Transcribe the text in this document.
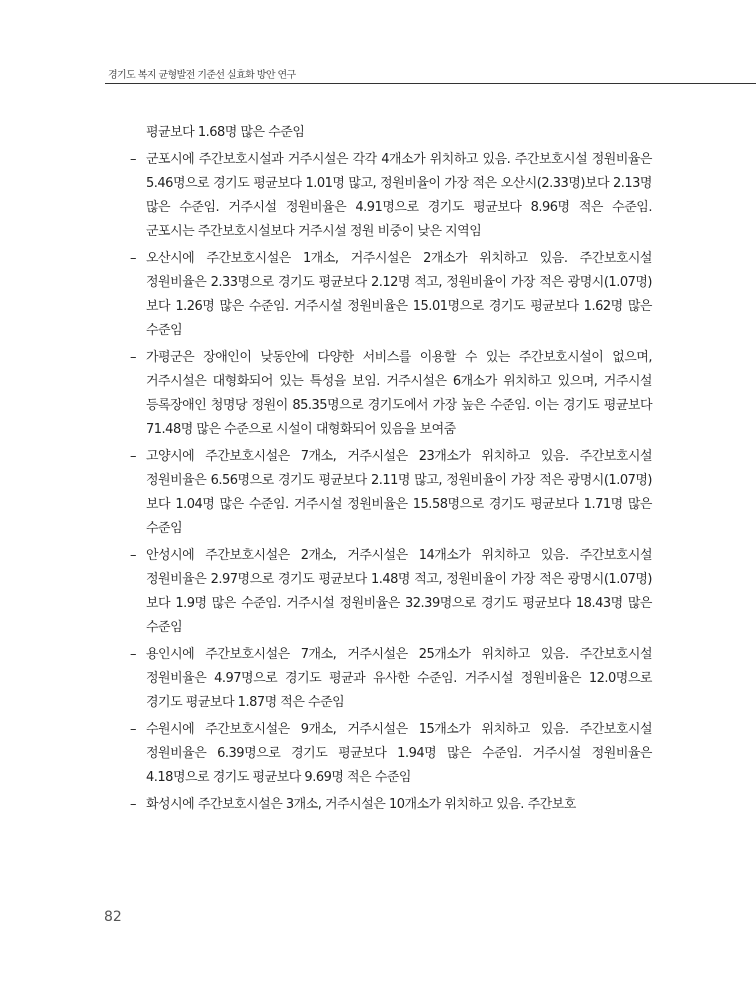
경기도 복지 균형발전 기준선 실효화 방안 연구

평균보다 1.68명 많은 수준임

– 군포시에 주간보호시설과 거주시설은 각각 4개소가 위치하고 있음. 주간보호시설 정원비율은 5.46명으로 경기도 평균보다 1.01명 많고, 정원비율이 가장 적은 오산시(2.33명)보다 2.13명 많은 수준임. 거주시설 정원비율은 4.91명으로 경기도 평균보다 8.96명 적은 수준임. 군포시는 주간보호시설보다 거주시설 정원 비중이 낮은 지역임
– 오산시에 주간보호시설은 1개소, 거주시설은 2개소가 위치하고 있음. 주간보호시설 정원비율은 2.33명으로 경기도 평균보다 2.12명 적고, 정원비율이 가장 적은 광명시(1.07명)보다 1.26명 많은 수준임. 거주시설 정원비율은 15.01명으로 경기도 평균보다 1.62명 많은 수준임
– 가평군은 장애인이 낮동안에 다양한 서비스를 이용할 수 있는 주간보호시설이 없으며, 거주시설은 대형화되어 있는 특성을 보임. 거주시설은 6개소가 위치하고 있으며, 거주시설 등록장애인 청명당 정원이 85.35명으로 경기도에서 가장 높은 수준임. 이는 경기도 평균보다 71.48명 많은 수준으로 시설이 대형화되어 있음을 보여줌
– 고양시에 주간보호시설은 7개소, 거주시설은 23개소가 위치하고 있음. 주간보호시설 정원비율은 6.56명으로 경기도 평균보다 2.11명 많고, 정원비율이 가장 적은 광명시(1.07명)보다 1.04명 많은 수준임. 거주시설 정원비율은 15.58명으로 경기도 평균보다 1.71명 많은 수준임
– 안성시에 주간보호시설은 2개소, 거주시설은 14개소가 위치하고 있음. 주간보호시설 정원비율은 2.97명으로 경기도 평균보다 1.48명 적고, 정원비율이 가장 적은 광명시(1.07명)보다 1.9명 많은 수준임. 거주시설 정원비율은 32.39명으로 경기도 평균보다 18.43명 많은 수준임
– 용인시에 주간보호시설은 7개소, 거주시설은 25개소가 위치하고 있음. 주간보호시설 정원비율은 4.97명으로 경기도 평균과 유사한 수준임. 거주시설 정원비율은 12.0명으로 경기도 평균보다 1.87명 적은 수준임
– 수원시에 주간보호시설은 9개소, 거주시설은 15개소가 위치하고 있음. 주간보호시설 정원비율은 6.39명으로 경기도 평균보다 1.94명 많은 수준임. 거주시설 정원비율은 4.18명으로 경기도 평균보다 9.69명 적은 수준임
– 화성시에 주간보호시설은 3개소, 거주시설은 10개소가 위치하고 있음. 주간보호
82
